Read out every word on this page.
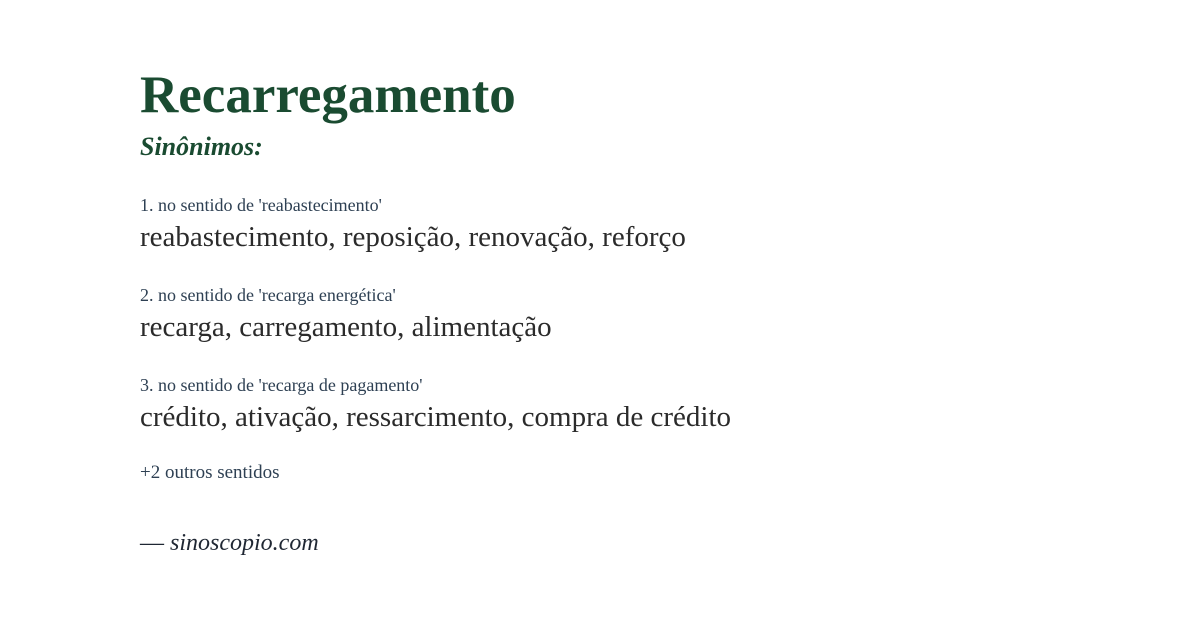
Recarregamento
Sinônimos:
1. no sentido de 'reabastecimento'
reabastecimento, reposição, renovação, reforço
2. no sentido de 'recarga energética'
recarga, carregamento, alimentação
3. no sentido de 'recarga de pagamento'
crédito, ativação, ressarcimento, compra de crédito
+2 outros sentidos
— sinoscopio.com
